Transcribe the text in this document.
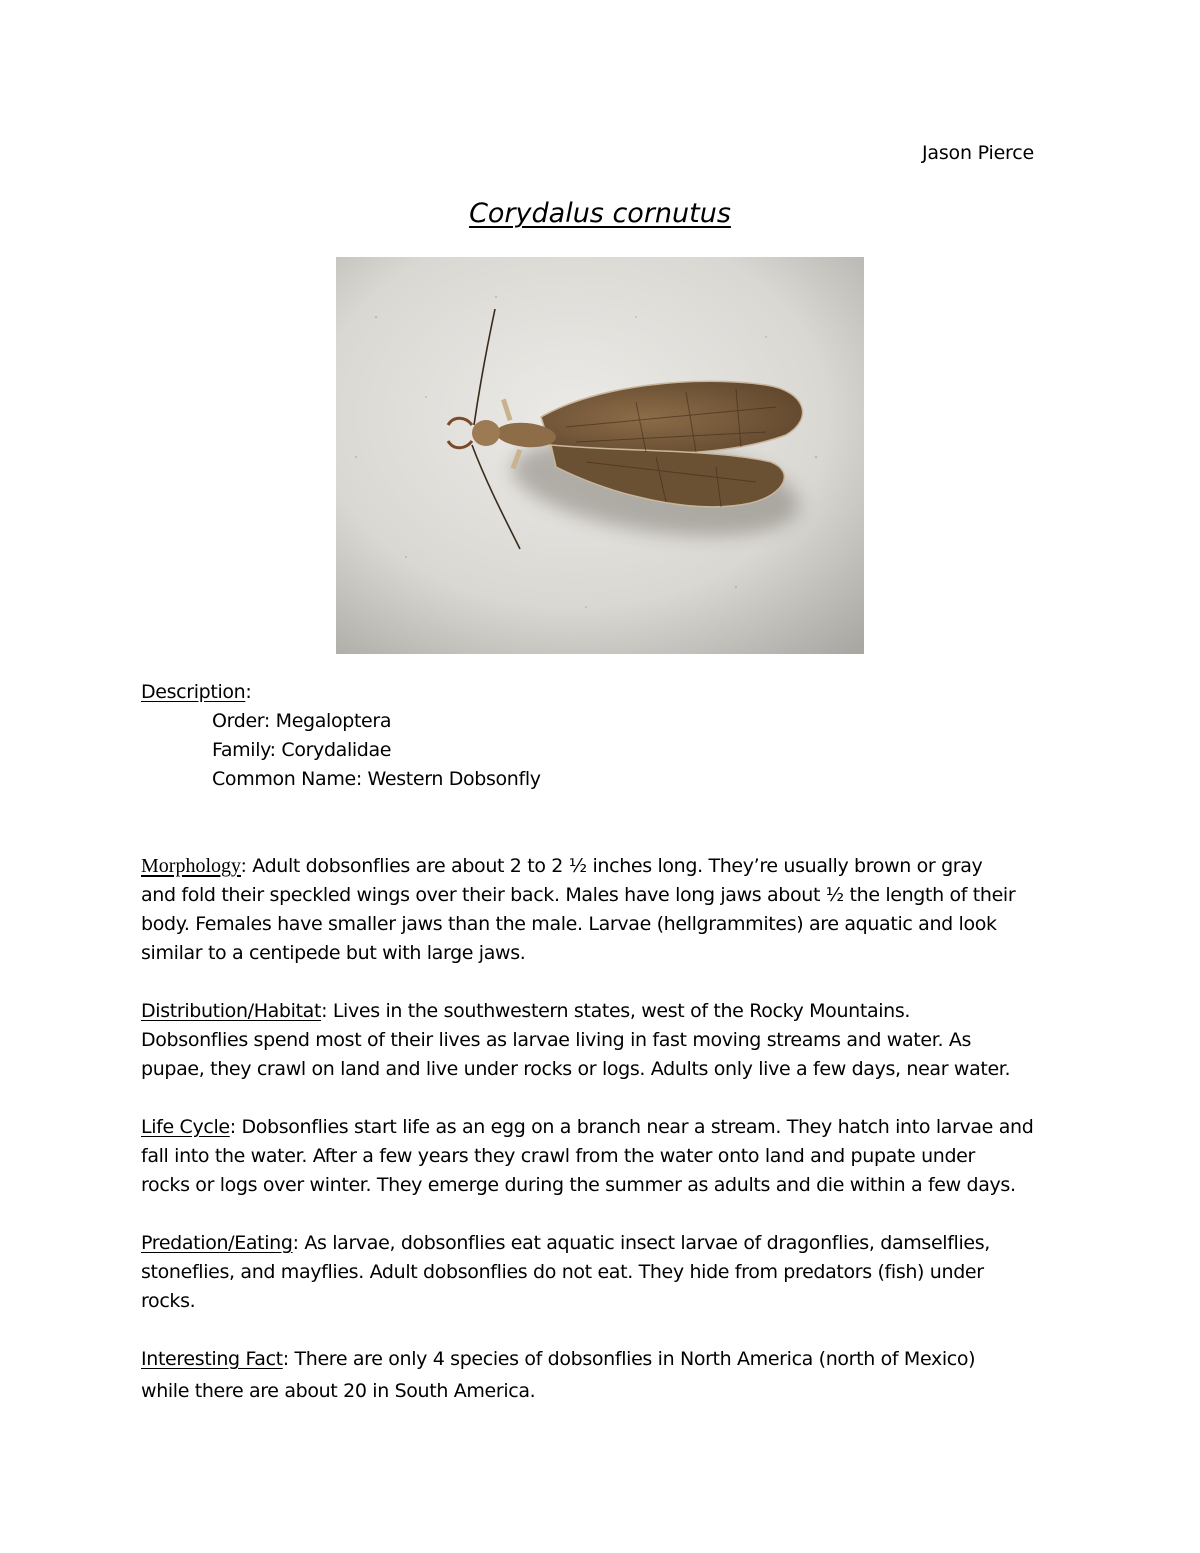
Jason Pierce
Corydalus cornutus

Description:

Order: Megaloptera

Family: Corydalidae

Common Name: Western Dobsonfly

Morphology: Adult dobsonflies are about 2 to 2 ½ inches long. They’re usually brown or gray

and fold their speckled wings over their back. Males have long jaws about ½ the length of their

body. Females have smaller jaws than the male. Larvae (hellgrammites) are aquatic and look

similar to a centipede but with large jaws.

Distribution/Habitat: Lives in the southwestern states, west of the Rocky Mountains.

Dobsonflies spend most of their lives as larvae living in fast moving streams and water. As

pupae, they crawl on land and live under rocks or logs. Adults only live a few days, near water.

Life Cycle: Dobsonflies start life as an egg on a branch near a stream. They hatch into larvae and

fall into the water. After a few years they crawl from the water onto land and pupate under

rocks or logs over winter. They emerge during the summer as adults and die within a few days.

Predation/Eating: As larvae, dobsonflies eat aquatic insect larvae of dragonflies, damselflies,

stoneflies, and mayflies. Adult dobsonflies do not eat. They hide from predators (fish) under

rocks.

Interesting Fact: There are only 4 species of dobsonflies in North America (north of Mexico)

while there are about 20 in South America.
